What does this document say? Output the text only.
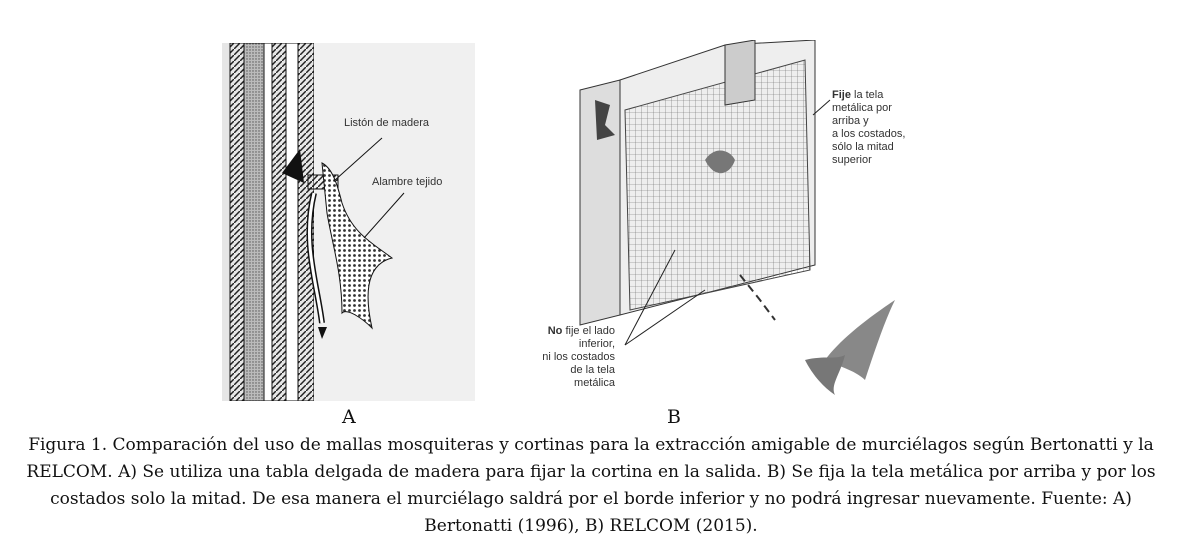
Listón de madera
Alambre tejido
Fije la tela
metálica por arriba y
a los costados,
sólo la mitad
superior
No fije el lado
inferior,
ni los costados
de la tela
metálica
A	B
Figura 1. Comparación del uso de mallas mosquiteras y cortinas para la extracción amigable de murciélagos según Bertonatti y la RELCOM. A) Se utiliza una tabla delgada de madera para fijar la cortina en la salida. B) Se fija la tela metálica por arriba y por los costados solo la mitad. De esa manera el murciélago saldrá por el borde inferior y no podrá ingresar nuevamente. Fuente: A) Bertonatti (1996), B) RELCOM (2015).
